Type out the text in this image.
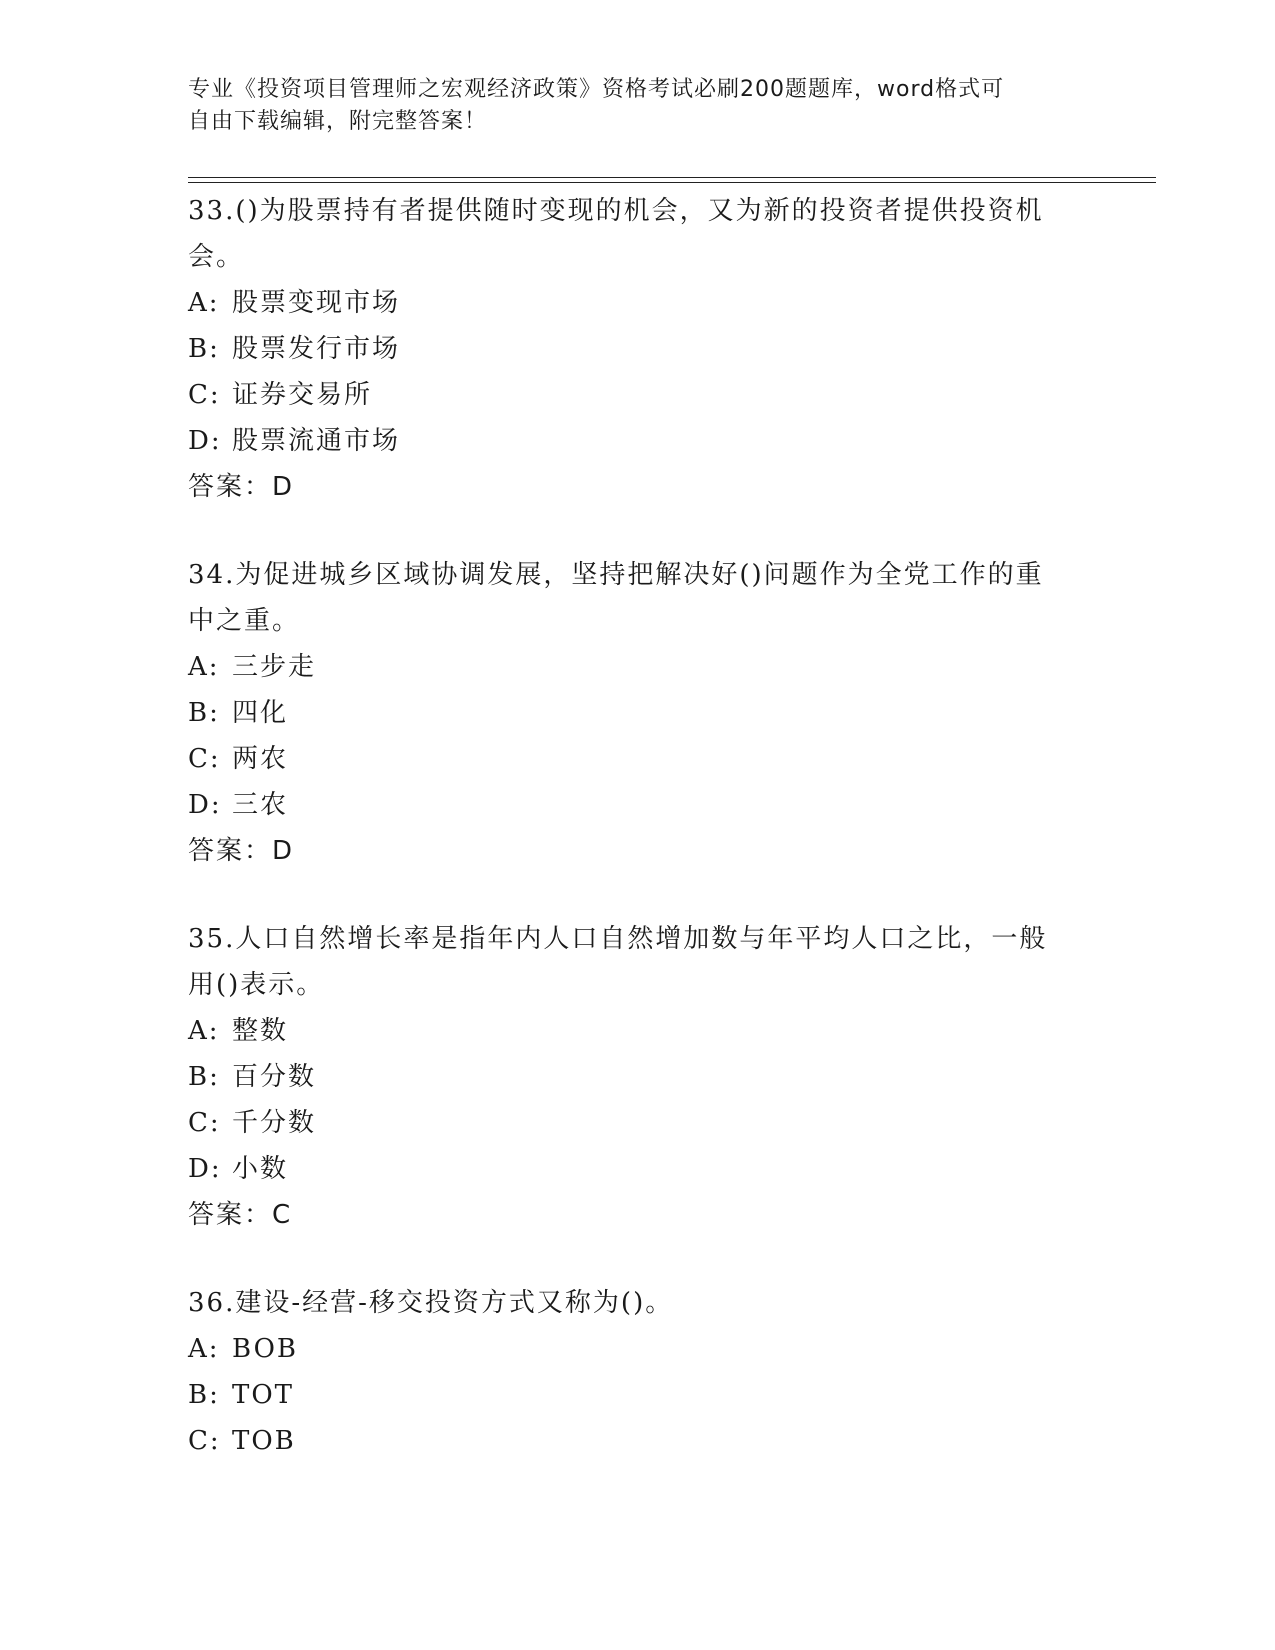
专业《投资项目管理师之宏观经济政策》资格考试必刷200题题库，word格式可

自由下载编辑，附完整答案！

33.()为股票持有者提供随时变现的机会，又为新的投资者提供投资机
会。

A: 股票变现市场

B: 股票发行市场

C: 证券交易所

D: 股票流通市场

答案：D

34.为促进城乡区域协调发展，坚持把解决好()问题作为全党工作的重
中之重。

A: 三步走

B: 四化

C: 两农

D: 三农

答案：D

35.人口自然增长率是指年内人口自然增加数与年平均人口之比，一般
用()表示。

A: 整数

B: 百分数

C: 千分数

D: 小数

答案：C

36.建设-经营-移交投资方式又称为()。

A: BOB

B: TOT

C: TOB
